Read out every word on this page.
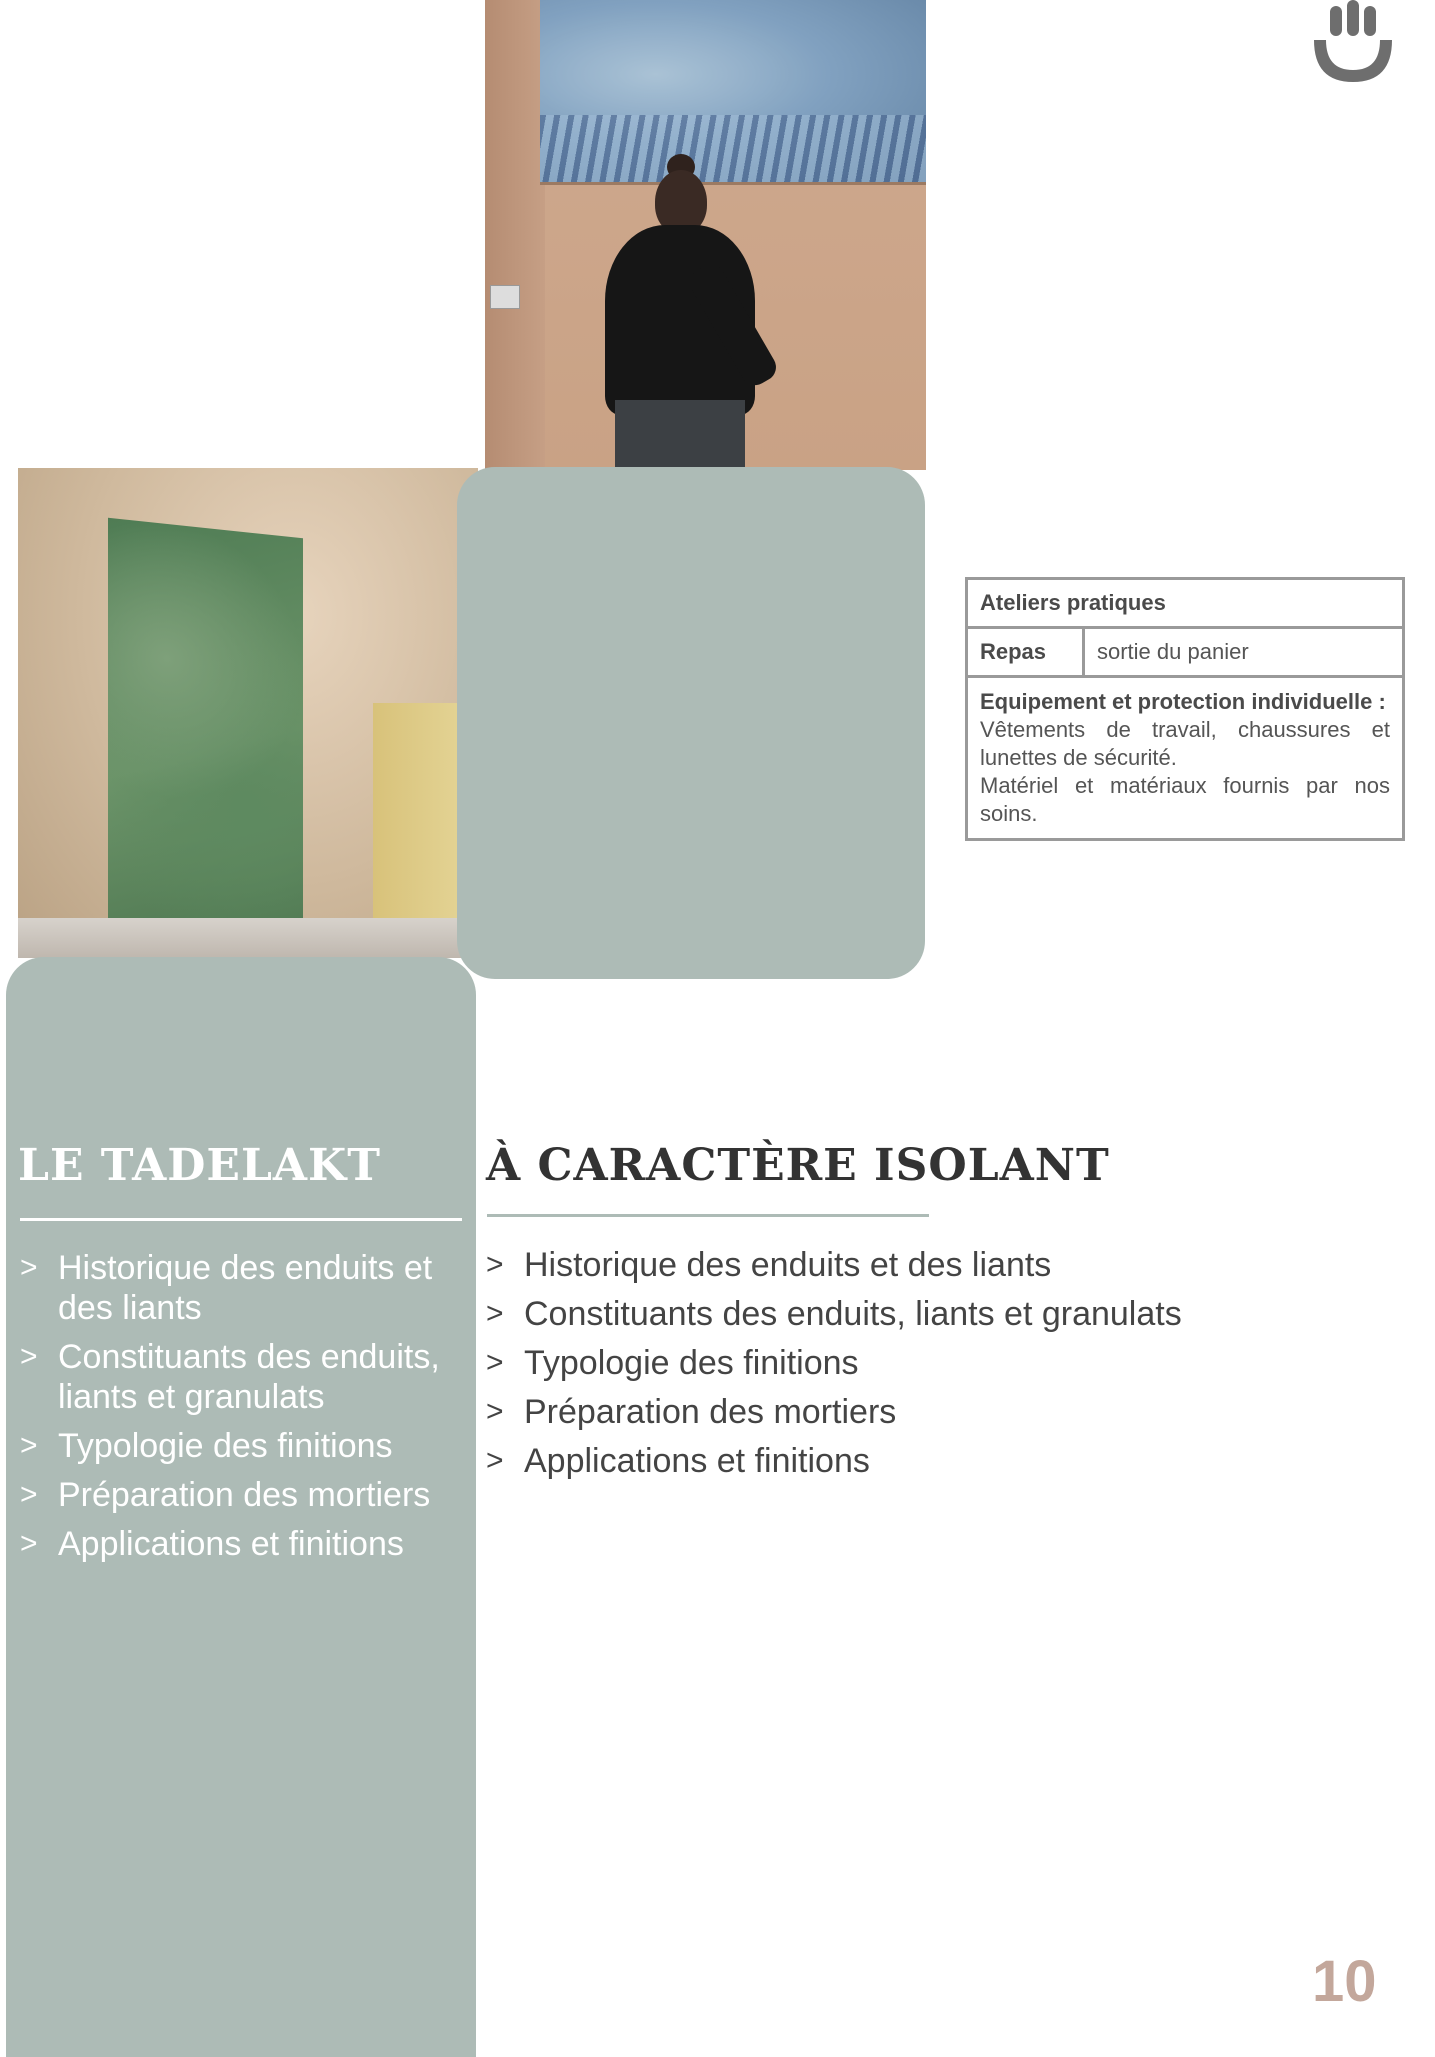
Ateliers pratiques
Repas	sortie du panier

Equipement et protection individuelle :
Vêtements de travail, chaussures et lunettes de sécurité.
Matériel et matériaux fournis par nos soins.
LE TADELAKT À CARACTÈRE ISOLANT
> Historique des enduits et des liants
> Constituants des enduits, liants et granulats
> Typologie des finitions
> Préparation des mortiers
> Applications et finitions
> Historique des enduits et des liants
> Constituants des enduits, liants et granulats
> Typologie des finitions
> Préparation des mortiers
> Applications et finitions
10
